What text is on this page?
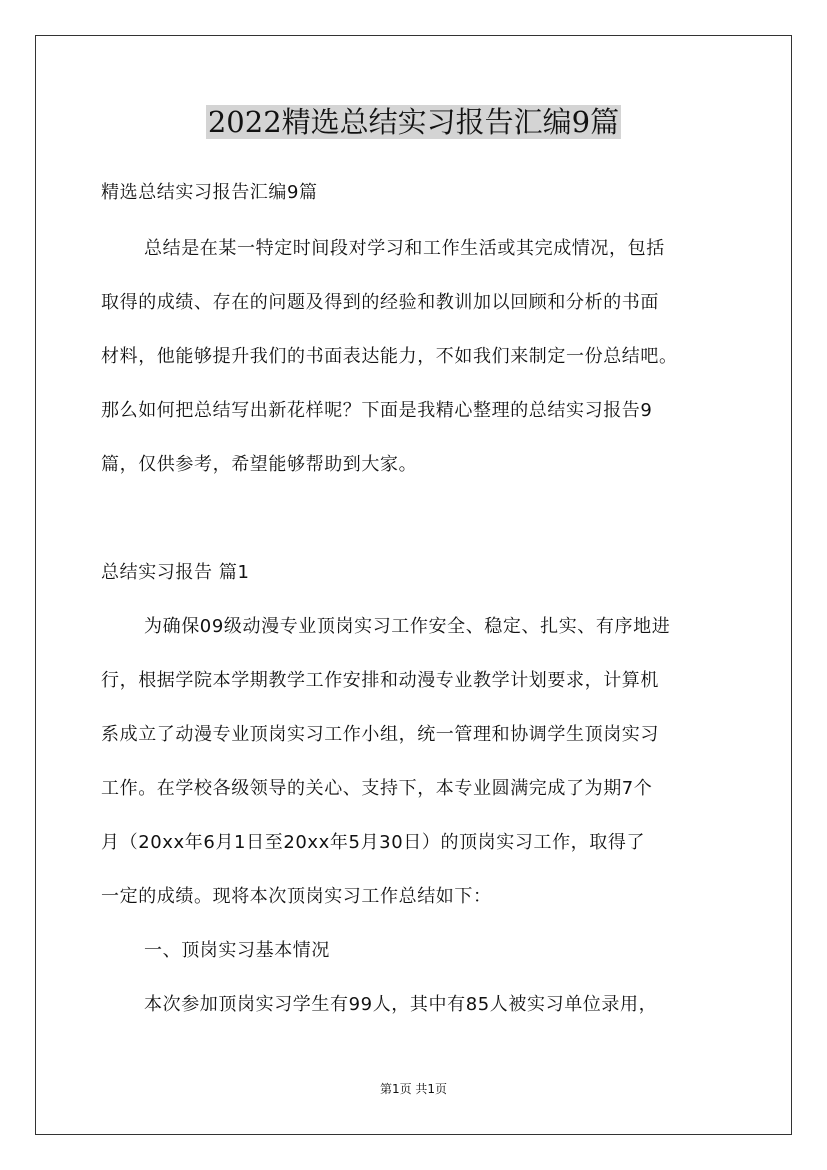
2022精选总结实习报告汇编9篇
精选总结实习报告汇编9篇
总结是在某一特定时间段对学习和工作生活或其完成情况，包括
取得的成绩、存在的问题及得到的经验和教训加以回顾和分析的书面
材料，他能够提升我们的书面表达能力，不如我们来制定一份总结吧。
那么如何把总结写出新花样呢？下面是我精心整理的总结实习报告9
篇，仅供参考，希望能够帮助到大家。
总结实习报告 篇1
为确保09级动漫专业顶岗实习工作安全、稳定、扎实、有序地进
行，根据学院本学期教学工作安排和动漫专业教学计划要求，计算机
系成立了动漫专业顶岗实习工作小组，统一管理和协调学生顶岗实习
工作。在学校各级领导的关心、支持下，本专业圆满完成了为期7个
月（20xx年6月1日至20xx年5月30日）的顶岗实习工作，取得了
一定的成绩。现将本次顶岗实习工作总结如下：
一、顶岗实习基本情况
本次参加顶岗实习学生有99人，其中有85人被实习单位录用，
第1页 共1页
